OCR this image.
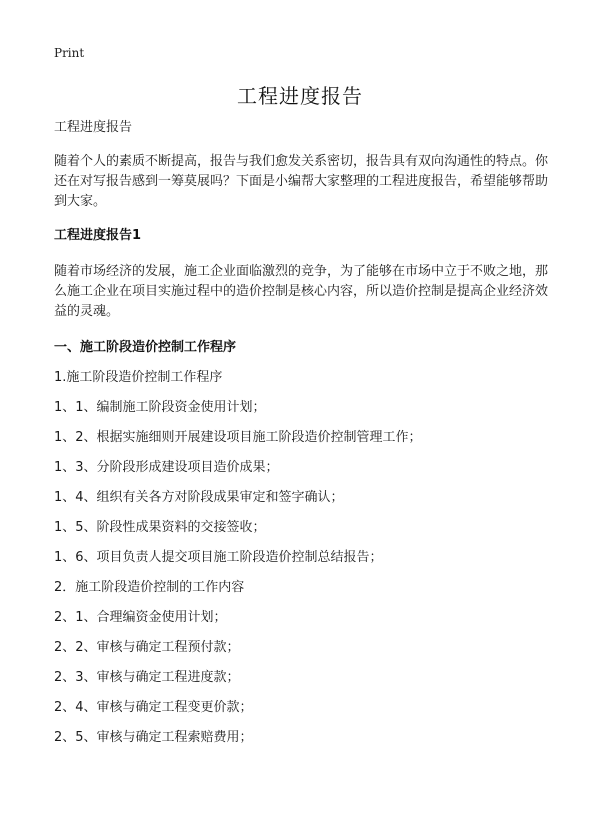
Print
工程进度报告

工程进度报告

随着个人的素质不断提高，报告与我们愈发关系密切，报告具有双向沟通性的特点。你还在对写报告感到一筹莫展吗？下面是小编帮大家整理的工程进度报告，希望能够帮助到大家。

工程进度报告1

随着市场经济的发展，施工企业面临激烈的竞争，为了能够在市场中立于不败之地，那么施工企业在项目实施过程中的造价控制是核心内容，所以造价控制是提高企业经济效益的灵魂。

一、施工阶段造价控制工作程序

1.施工阶段造价控制工作程序

1、1、编制施工阶段资金使用计划；

1、2、根据实施细则开展建设项目施工阶段造价控制管理工作；

1、3、分阶段形成建设项目造价成果；

1、4、组织有关各方对阶段成果审定和签字确认；

1、5、阶段性成果资料的交接签收；

1、6、项目负责人提交项目施工阶段造价控制总结报告；

2．施工阶段造价控制的工作内容

2、1、合理编资金使用计划；

2、2、审核与确定工程预付款；

2、3、审核与确定工程进度款；

2、4、审核与确定工程变更价款；

2、5、审核与确定工程索赔费用；
